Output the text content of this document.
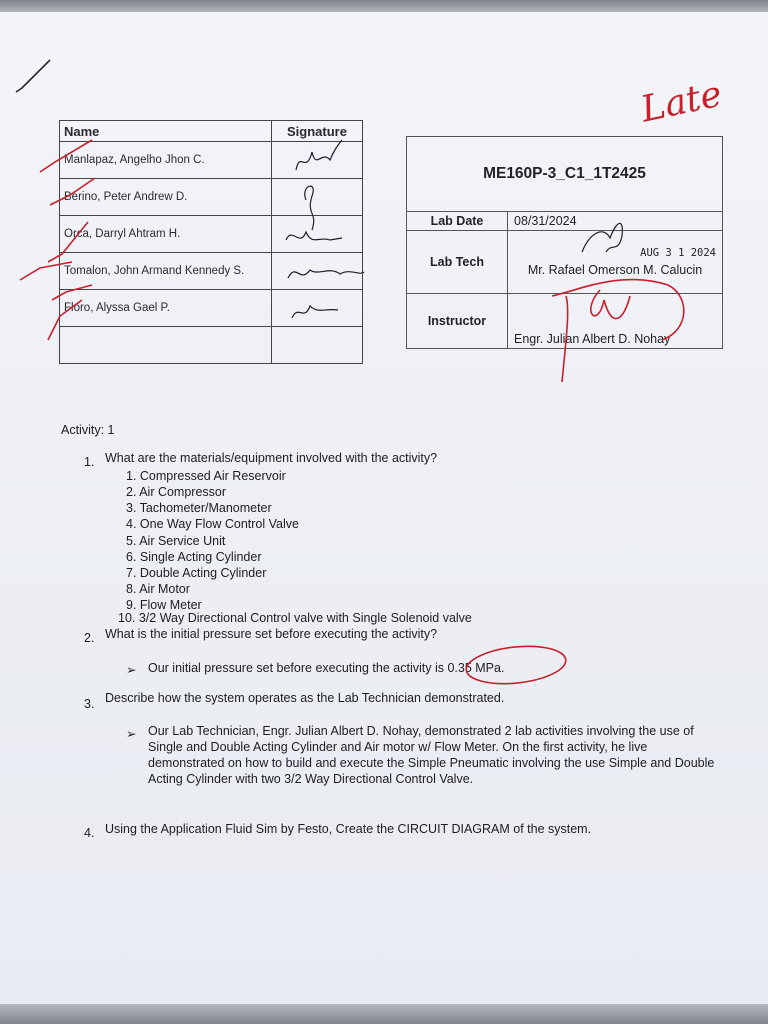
Name	Signature
Manlapaz, Angelho Jhon C.	
Berino, Peter Andrew D.	
Orca, Darryl Ahtram H.	
Tomalon, John Armand Kennedy S.	
Floro, Alyssa Gael P.	

ME160P-3_C1_1T2425	
Lab Date	08/31/2024
Lab Tech	AUG 3 1 2024
Mr. Rafael Omerson M. Calucin

Instructor	Engr. Julian Albert D. Nohay
Activity: 1
1. What are the materials/equipment involved with the activity?
1. Compressed Air Reservoir
2. Air Compressor
3. Tachometer/Manometer
4. One Way Flow Control Valve
5. Air Service Unit
6. Single Acting Cylinder
7. Double Acting Cylinder
8. Air Motor
9. Flow Meter
10. 3/2 Way Directional Control valve with Single Solenoid valve
2. What is the initial pressure set before executing the activity?
➢ Our initial pressure set before executing the activity is 0.35 MPa.
3. Describe how the system operates as the Lab Technician demonstrated.
➢ Our Lab Technician, Engr. Julian Albert D. Nohay, demonstrated 2 lab activities involving the use of Single and Double Acting Cylinder and Air motor w/ Flow Meter. On the first activity, he live demonstrated on how to build and execute the Simple Pneumatic involving the use Simple and Double Acting Cylinder with two 3/2 Way Directional Control Valve.
4. Using the Application Fluid Sim by Festo, Create the CIRCUIT DIAGRAM of the system.
Late
